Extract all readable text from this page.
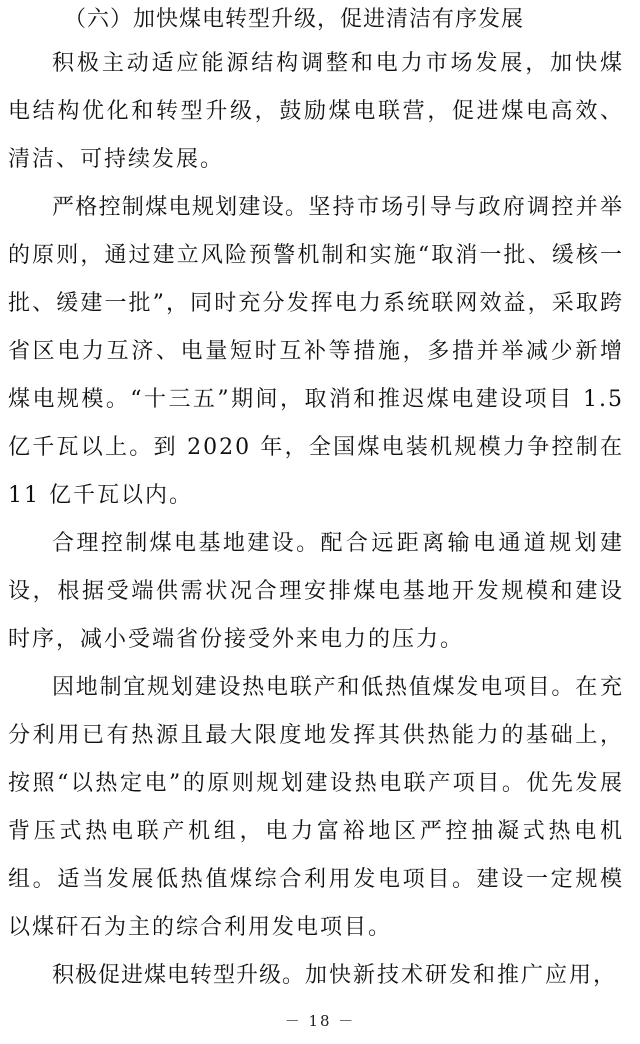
（六）加快煤电转型升级，促进清洁有序发展

积极主动适应能源结构调整和电力市场发展，加快煤电结构优化和转型升级，鼓励煤电联营，促进煤电高效、清洁、可持续发展。

严格控制煤电规划建设。坚持市场引导与政府调控并举的原则，通过建立风险预警机制和实施“取消一批、缓核一批、缓建一批”，同时充分发挥电力系统联网效益，采取跨省区电力互济、电量短时互补等措施，多措并举减少新增煤电规模。“十三五”期间，取消和推迟煤电建设项目 1.5 亿千瓦以上。到 2020 年，全国煤电装机规模力争控制在 11 亿千瓦以内。

合理控制煤电基地建设。配合远距离输电通道规划建设，根据受端供需状况合理安排煤电基地开发规模和建设时序，减小受端省份接受外来电力的压力。

因地制宜规划建设热电联产和低热值煤发电项目。在充分利用已有热源且最大限度地发挥其供热能力的基础上，按照“以热定电”的原则规划建设热电联产项目。优先发展背压式热电联产机组，电力富裕地区严控抽凝式热电机组。适当发展低热值煤综合利用发电项目。建设一定规模以煤矸石为主的综合利用发电项目。

积极促进煤电转型升级。加快新技术研发和推广应用，

－ 18 －
